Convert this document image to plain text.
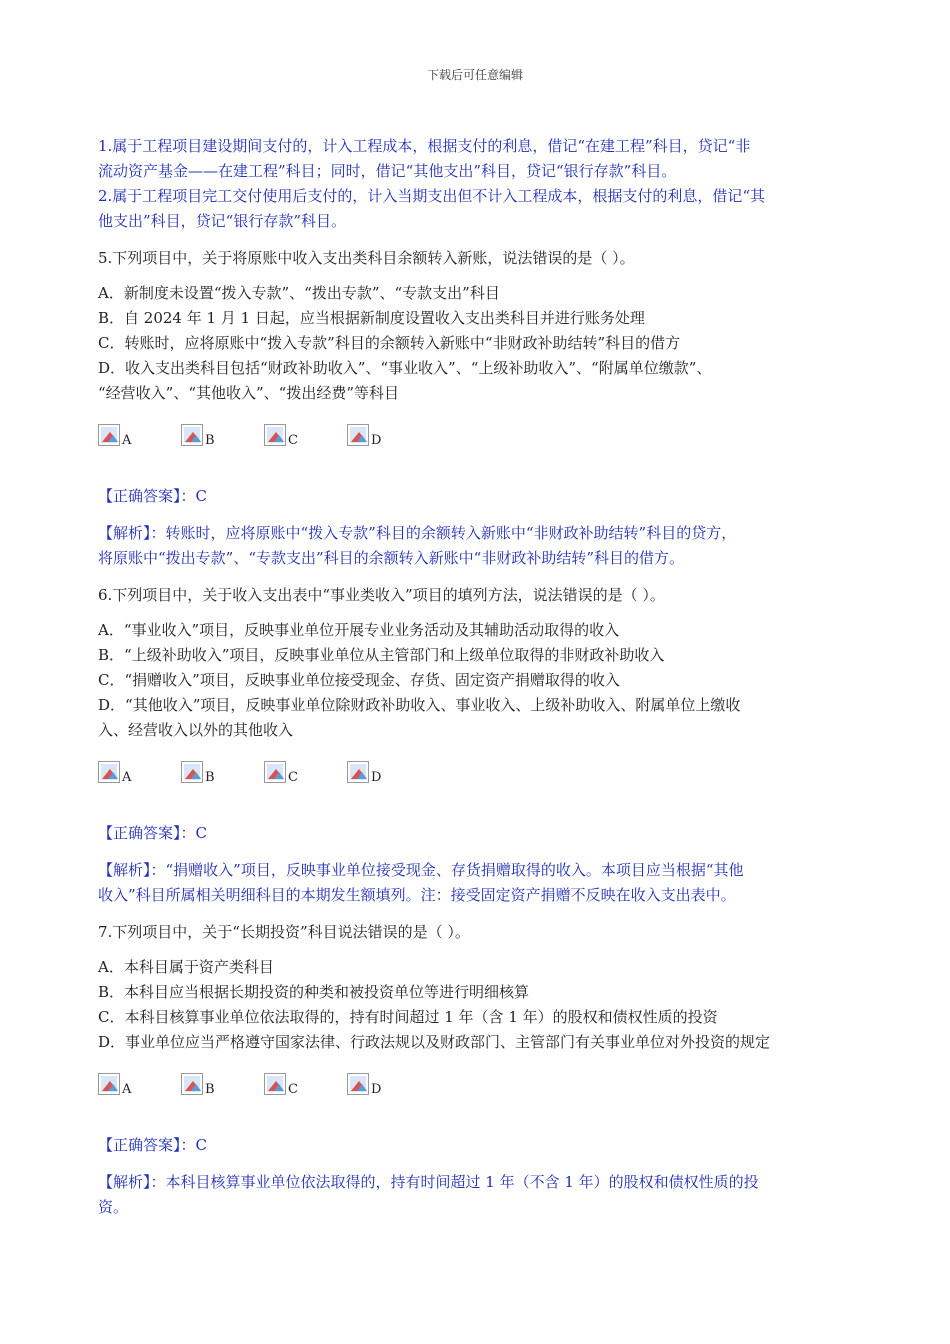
下载后可任意编辑

1.属于工程项目建设期间支付的，计入工程成本，根据支付的利息，借记“在建工程”科目，贷记“非

流动资产基金——在建工程”科目；同时，借记“其他支出”科目，贷记“银行存款”科目。

2.属于工程项目完工交付使用后支付的，计入当期支出但不计入工程成本，根据支付的利息，借记“其

他支出”科目，贷记“银行存款”科目。

5.下列项目中，关于将原账中收入支出类科目余额转入新账，说法错误的是（ ）。

A．新制度未设置“拨入专款”、“拨出专款”、“专款支出”科目

B．自 2024 年 1 月 1 日起，应当根据新制度设置收入支出类科目并进行账务处理

C．转账时，应将原账中“拨入专款”科目的余额转入新账中“非财政补助结转”科目的借方

D．收入支出类科目包括“财政补助收入”、“事业收入”、“上级补助收入”、“附属单位缴款”、

“经营收入”、“其他收入”、“拨出经费”等科目

A	B	C	D

【正确答案】：C

【解析】：转账时，应将原账中“拨入专款”科目的余额转入新账中“非财政补助结转”科目的贷方，

将原账中“拨出专款”、“专款支出”科目的余额转入新账中“非财政补助结转”科目的借方。

6.下列项目中，关于收入支出表中“事业类收入”项目的填列方法，说法错误的是（ ）。

A．“事业收入”项目，反映事业单位开展专业业务活动及其辅助活动取得的收入

B．“上级补助收入”项目，反映事业单位从主管部门和上级单位取得的非财政补助收入

C．“捐赠收入”项目，反映事业单位接受现金、存货、固定资产捐赠取得的收入

D．“其他收入”项目，反映事业单位除财政补助收入、事业收入、上级补助收入、附属单位上缴收

入、经营收入以外的其他收入

A	B	C	D

【正确答案】：C

【解析】：“捐赠收入”项目，反映事业单位接受现金、存货捐赠取得的收入。本项目应当根据“其他

收入”科目所属相关明细科目的本期发生额填列。注：接受固定资产捐赠不反映在收入支出表中。

7.下列项目中，关于“长期投资”科目说法错误的是（ ）。

A．本科目属于资产类科目

B．本科目应当根据长期投资的种类和被投资单位等进行明细核算

C．本科目核算事业单位依法取得的，持有时间超过 1 年（含 1 年）的股权和债权性质的投资

D．事业单位应当严格遵守国家法律、行政法规以及财政部门、主管部门有关事业单位对外投资的规定

A	B	C	D

【正确答案】：C

【解析】：本科目核算事业单位依法取得的，持有时间超过 1 年（不含 1 年）的股权和债权性质的投

资。
